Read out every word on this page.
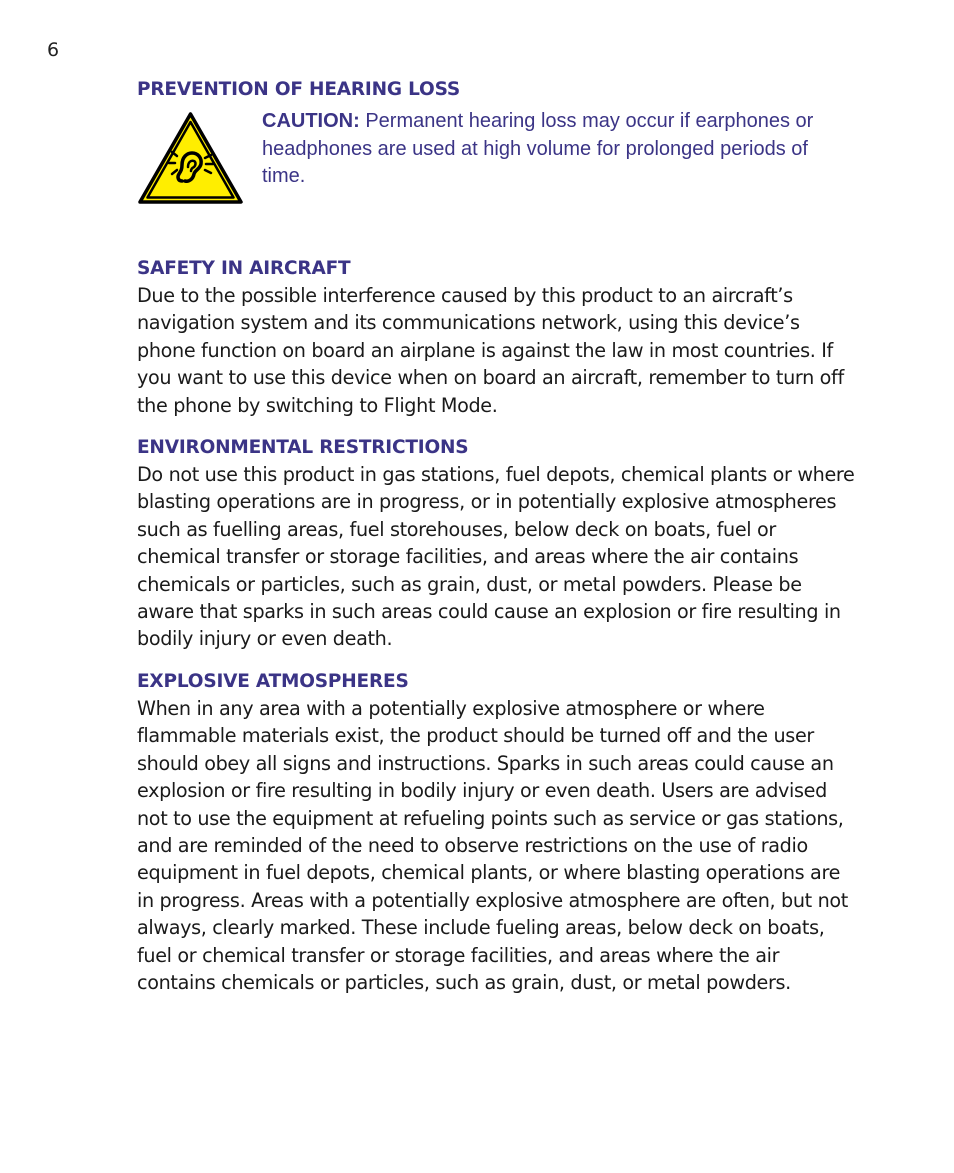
6
PREVENTION OF HEARING LOSS
CAUTION: Permanent hearing loss may occur if earphones or headphones are used at high volume for prolonged periods of time.
SAFETY IN AIRCRAFT

Due to the possible interference caused by this product to an aircraft’s navigation system and its communications network, using this device’s phone function on board an airplane is against the law in most countries. If you want to use this device when on board an aircraft, remember to turn off the phone by switching to Flight Mode.

ENVIRONMENTAL RESTRICTIONS

Do not use this product in gas stations, fuel depots, chemical plants or where blasting operations are in progress, or in potentially explosive atmospheres such as fuelling areas, fuel storehouses, below deck on boats, fuel or chemical transfer or storage facilities, and areas where the air contains chemicals or particles, such as grain, dust, or metal powders. Please be aware that sparks in such areas could cause an explosion or fire resulting in bodily injury or even death.

EXPLOSIVE ATMOSPHERES

When in any area with a potentially explosive atmosphere or where flammable materials exist, the product should be turned off and the user should obey all signs and instructions. Sparks in such areas could cause an explosion or fire resulting in bodily injury or even death. Users are advised not to use the equipment at refueling points such as service or gas stations, and are reminded of the need to observe restrictions on the use of radio equipment in fuel depots, chemical plants, or where blasting operations are in progress. Areas with a potentially explosive atmosphere are often, but not always, clearly marked. These include fueling areas, below deck on boats, fuel or chemical transfer or storage facilities, and areas where the air contains chemicals or particles, such as grain, dust, or metal powders.
